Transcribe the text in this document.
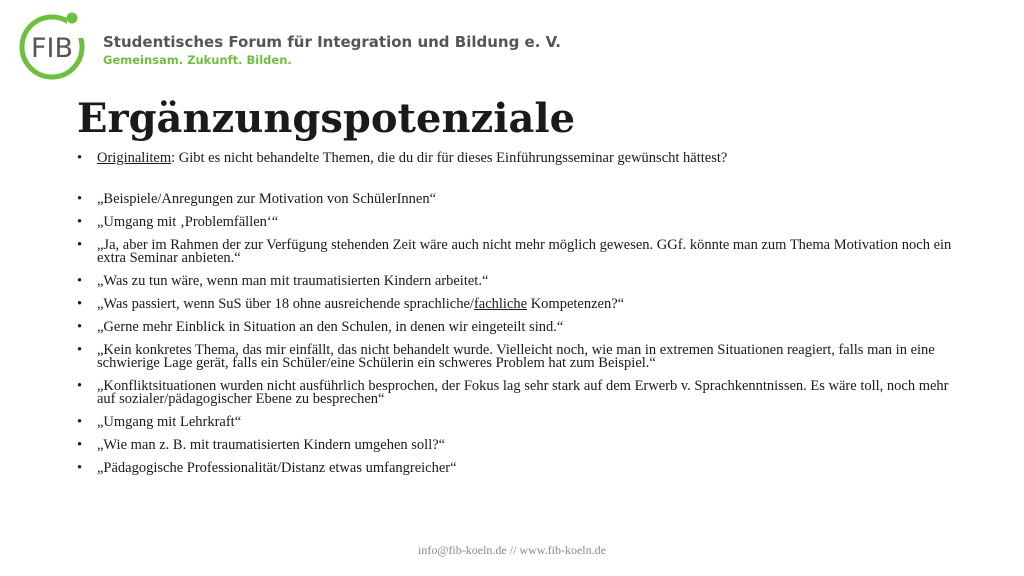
FIB Studentisches Forum für Integration und Bildung e. V.
Gemeinsam. Zukunft. Bilden.
Ergänzungspotenziale
• Originalitem: Gibt es nicht behandelte Themen, die du dir für dieses Einführungsseminar gewünscht hättest?
• „Beispiele/Anregungen zur Motivation von SchülerInnen“
• „Umgang mit ‚Problemfällen‘“
• „Ja, aber im Rahmen der zur Verfügung stehenden Zeit wäre auch nicht mehr möglich gewesen. GGf. könnte man zum Thema Motivation noch ein extra Seminar anbieten.“
• „Was zu tun wäre, wenn man mit traumatisierten Kindern arbeitet.“
• „Was passiert, wenn SuS über 18 ohne ausreichende sprachliche/fachliche Kompetenzen?“
• „Gerne mehr Einblick in Situation an den Schulen, in denen wir eingeteilt sind.“
• „Kein konkretes Thema, das mir einfällt, das nicht behandelt wurde. Vielleicht noch, wie man in extremen Situationen reagiert, falls man in eine schwierige Lage gerät, falls ein Schüler/eine Schülerin ein schweres Problem hat zum Beispiel.“
• „Konfliktsituationen wurden nicht ausführlich besprochen, der Fokus lag sehr stark auf dem Erwerb v. Sprachkenntnissen. Es wäre toll, noch mehr auf sozialer/pädagogischer Ebene zu besprechen“
• „Umgang mit Lehrkraft“
• „Wie man z. B. mit traumatisierten Kindern umgehen soll?“
• „Pädagogische Professionalität/Distanz etwas umfangreicher“
info@fib-koeln.de // www.fib-koeln.de
